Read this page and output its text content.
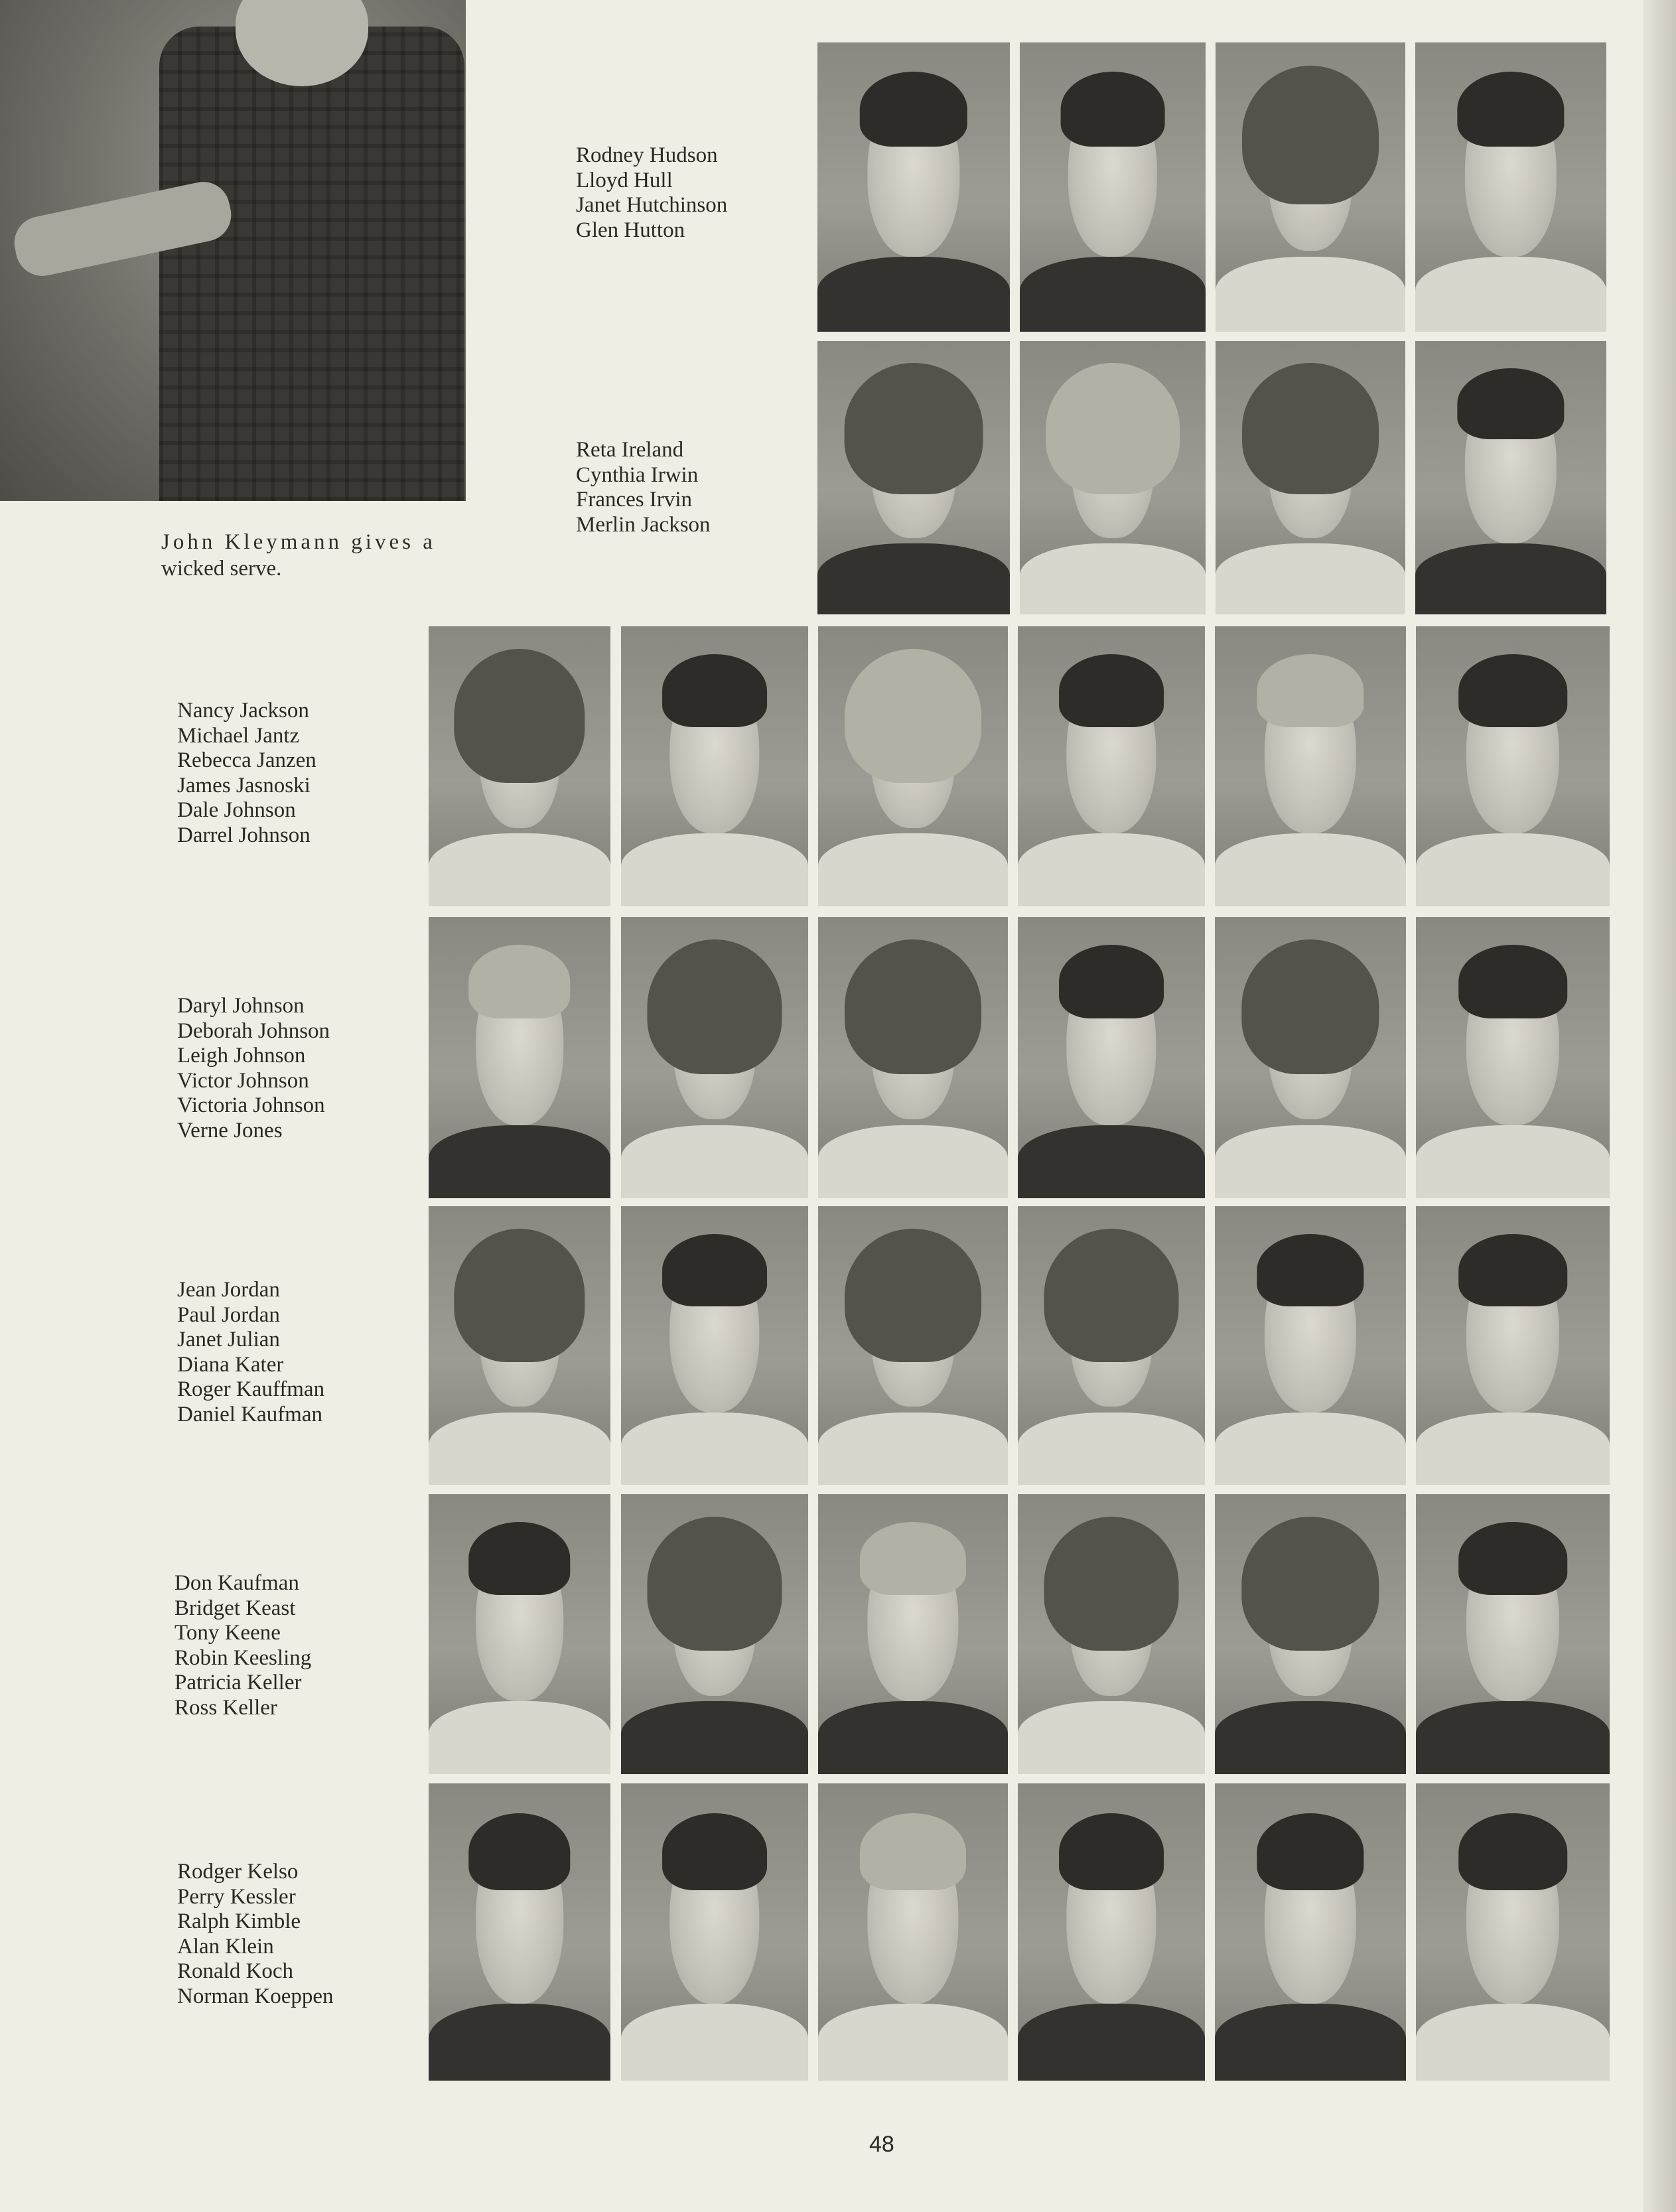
John Kleymann gives a
wicked serve.
Rodney Hudson
Lloyd Hull
Janet Hutchinson
Glen Hutton
Reta Ireland
Cynthia Irwin
Frances Irvin
Merlin Jackson
Nancy Jackson
Michael Jantz
Rebecca Janzen
James Jasnoski
Dale Johnson
Darrel Johnson
Daryl Johnson
Deborah Johnson
Leigh Johnson
Victor Johnson
Victoria Johnson
Verne Jones
Jean Jordan
Paul Jordan
Janet Julian
Diana Kater
Roger Kauffman
Daniel Kaufman
Don Kaufman
Bridget Keast
Tony Keene
Robin Keesling
Patricia Keller
Ross Keller
Rodger Kelso
Perry Kessler
Ralph Kimble
Alan Klein
Ronald Koch
Norman Koeppen
48
